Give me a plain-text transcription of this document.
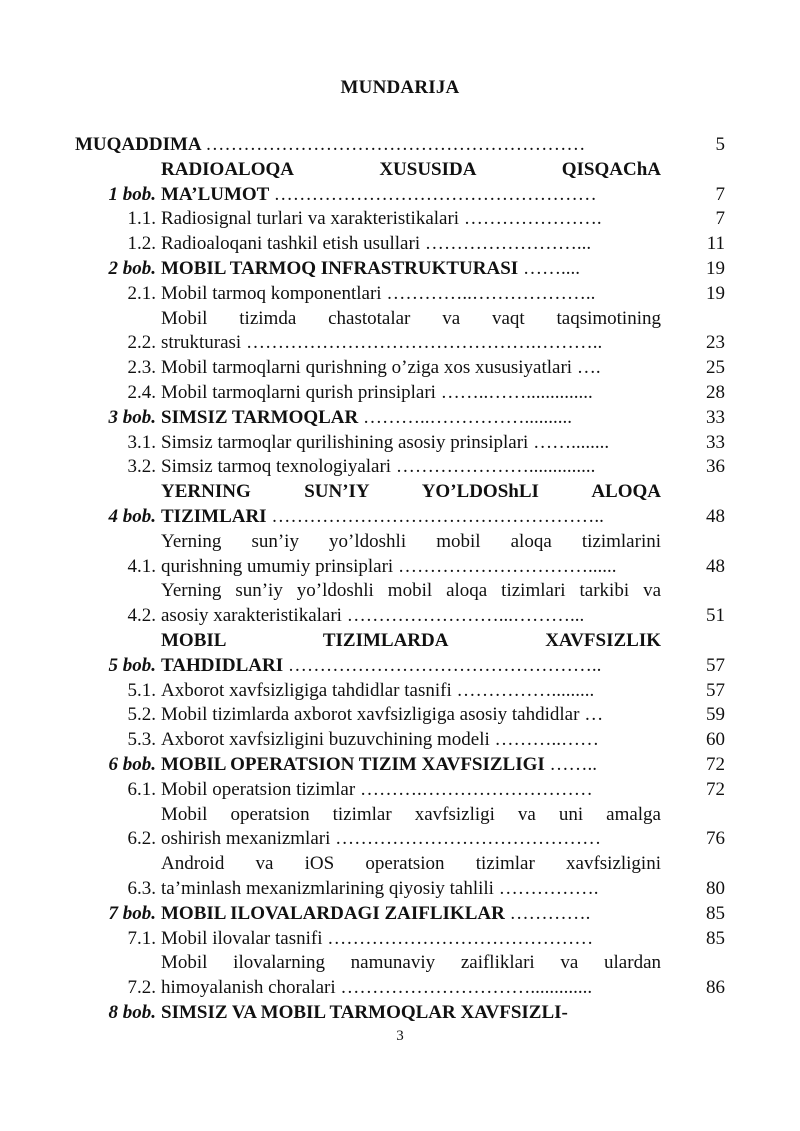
MUNDARIJA
MUQADDIMA ……………………………………………………	5
1 bob.
RADIOALOQA XUSUSIDA QISQAChA
MA’LUMOT ……………………………………………	7
1.1. Radiosignal turlari va xarakteristikalari ………………….	7
1.2. Radioaloqani tashkil etish usullari ……………………...	11
2 bob. MOBIL TARMOQ INFRASTRUKTURASI ……....	19
2.1. Mobil tarmoq komponentlari …………..………………..	19
2.2.
Mobil tizimda chastotalar va vaqt taqsimotining
strukturasi ……………………………………….………..	23
2.3. Mobil tarmoqlarni qurishning o’ziga xos xususiyatlari ….	25
2.4. Mobil tarmoqlarni qurish prinsiplari ……..……..............	28
3 bob. SIMSIZ TARMOQLAR ………..……………..........	33
3.1. Simsiz tarmoqlar qurilishining asosiy prinsiplari ……........	33
3.2. Simsiz tarmoq texnologiyalari …………………..............	36
4 bob.
YERNING SUN’IY YO’LDOShLI ALOQA
TIZIMLARI ……………………………………………..	48
4.1.
Yerning sun’iy yo’ldoshli mobil aloqa tizimlarini
qurishning umumiy prinsiplari …………………………......	48
4.2.
Yerning sun’iy yo’ldoshli mobil aloqa tizimlari tarkibi va
asosiy xarakteristikalari ……………………...………...	51
5 bob.
MOBIL TIZIMLARDA XAVFSIZLIK
TAHDIDLARI …………………………………………..	57
5.1. Axborot xavfsizligiga tahdidlar tasnifi …………….........	57
5.2. Mobil tizimlarda axborot xavfsizligiga asosiy tahdidlar …	59
5.3. Axborot xavfsizligini buzuvchining modeli ………..……	60
6 bob. MOBIL OPERATSION TIZIM XAVFSIZLIGI ……..	72
6.1. Mobil operatsion tizimlar ……….………………………	72
6.2.
Mobil operatsion tizimlar xavfsizligi va uni amalga
oshirish mexanizmlari ……………………………………	76
6.3.
Android va iOS operatsion tizimlar xavfsizligini
ta’minlash mexanizmlarining qiyosiy tahlili …………….	80
7 bob. MOBIL ILOVALARDAGI ZAIFLIKLAR ………….	85
7.1. Mobil ilovalar tasnifi ……………………………………	85
7.2.
Mobil ilovalarning namunaviy zaifliklari va ulardan
himoyalanish choralari ………………………….............	86
8 bob. SIMSIZ VA MOBIL TARMOQLAR XAVFSIZLI-
3
